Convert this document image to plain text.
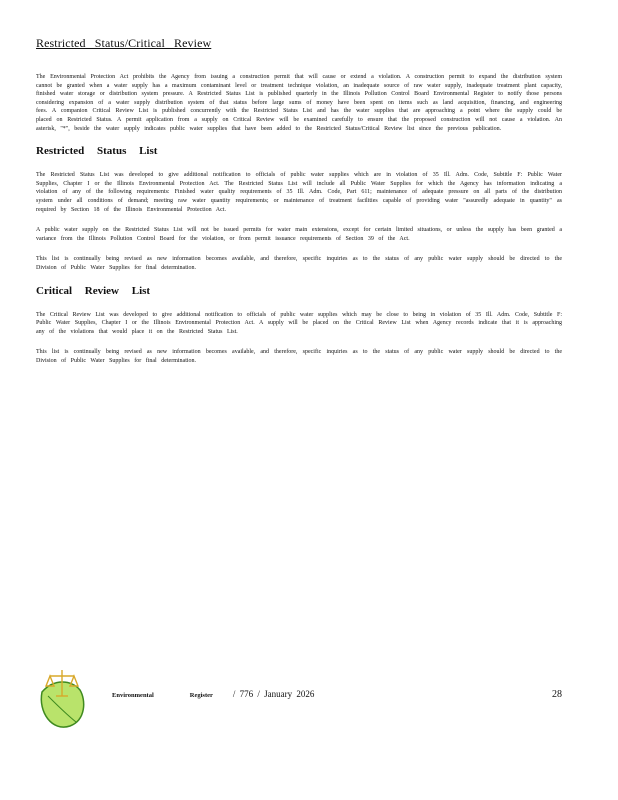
Restricted Status/Critical Review

The Environmental Protection Act prohibits the Agency from issuing a construction permit that will cause or extend a violation. A construction permit to expand the distribution system cannot be granted when a water supply has a maximum contaminant level or treatment technique violation, an inadequate source of raw water supply, inadequate treatment plant capacity, finished water storage or distribution system pressure. A Restricted Status List is published quarterly in the Illinois Pollution Control Board Environmental Register to notify those persons considering expansion of a water supply distribution system of that status before large sums of money have been spent on items such as land acquisition, financing, and engineering fees. A companion Critical Review List is published concurrently with the Restricted Status List and has the water supplies that are approaching a point where the supply could be placed on Restricted Status. A permit application from a supply on Critical Review will be examined carefully to ensure that the proposed construction will not cause a violation. An asterisk, "*", beside the water supply indicates public water supplies that have been added to the Restricted Status/Critical Review list since the previous publication.

Restricted Status List

The Restricted Status List was developed to give additional notification to officials of public water supplies which are in violation of 35 Ill. Adm. Code, Subtitle F: Public Water Supplies, Chapter I or the Illinois Environmental Protection Act. The Restricted Status List will include all Public Water Supplies for which the Agency has information indicating a violation of any of the following requirements: Finished water quality requirements of 35 Ill. Adm. Code, Part 611; maintenance of adequate pressure on all parts of the distribution system under all conditions of demand; meeting raw water quantity requirements; or maintenance of treatment facilities capable of providing water "assuredly adequate in quantity" as required by Section 18 of the Illinois Environmental Protection Act.

A public water supply on the Restricted Status List will not be issued permits for water main extensions, except for certain limited situations, or unless the supply has been granted a variance from the Illinois Pollution Control Board for the violation, or from permit issuance requirements of Section 39 of the Act.

This list is continually being revised as new information becomes available, and therefore, specific inquiries as to the status of any public water supply should be directed to the Division of Public Water Supplies for final determination.

Critical Review List

The Critical Review List was developed to give additional notification to officials of public water supplies which may be close to being in violation of 35 Ill. Adm. Code, Subtitle F: Public Water Supplies, Chapter I or the Illinois Environmental Protection Act. A supply will be placed on the Critical Review List when Agency records indicate that it is approaching any of the violations that would place it on the Restricted Status List.

This list is continually being revised as new information becomes available, and therefore, specific inquiries as to the status of any public water supply should be directed to the Division of Public Water Supplies for final determination.

Environmental	Register / 776 / January 2026	28
